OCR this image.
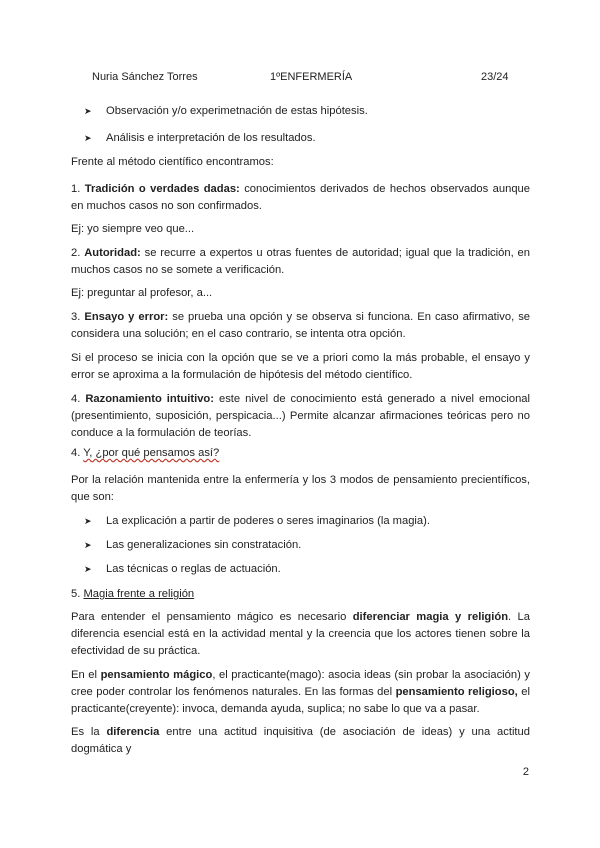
Nuria Sánchez Torres	1ºENFERMERÍA	23/24
➤ Observación y/o experimetnación de estas hipótesis.
➤ Análisis e interpretación de los resultados.
Frente al método científico encontramos:
1. Tradición o verdades dadas: conocimientos derivados de hechos observados aunque en muchos casos no son confirmados.
Ej: yo siempre veo que...
2. Autoridad: se recurre a expertos u otras fuentes de autoridad; igual que la tradición, en muchos casos no se somete a verificación.
Ej: preguntar al profesor, a...
3. Ensayo y error: se prueba una opción y se observa si funciona. En caso afirmativo, se considera una solución; en el caso contrario, se intenta otra opción.
Si el proceso se inicia con la opción que se ve a priori como la más probable, el ensayo y error se aproxima a la formulación de hipótesis del método científico.
4. Razonamiento intuitivo: este nivel de conocimiento está generado a nivel emocional (presentimiento, suposición, perspicacia...) Permite alcanzar afirmaciones teóricas pero no conduce a la formulación de teorías.
4. Y, ¿por qué pensamos así?
Por la relación mantenida entre la enfermería y los 3 modos de pensamiento precientíficos, que son:
➤ La explicación a partir de poderes o seres imaginarios (la magia).
➤ Las generalizaciones sin constratación.
➤ Las técnicas o reglas de actuación.
5. Magia frente a religión
Para entender el pensamiento mágico es necesario diferenciar magia y religión. La diferencia esencial está en la actividad mental y la creencia que los actores tienen sobre la efectividad de su práctica.
En el pensamiento mágico, el practicante(mago): asocia ideas (sin probar la asociación) y cree poder controlar los fenómenos naturales. En las formas del pensamiento religioso, el practicante(creyente): invoca, demanda ayuda, suplica; no sabe lo que va a pasar.
Es la diferencia entre una actitud inquisitiva (de asociación de ideas) y una actitud dogmática y
2
